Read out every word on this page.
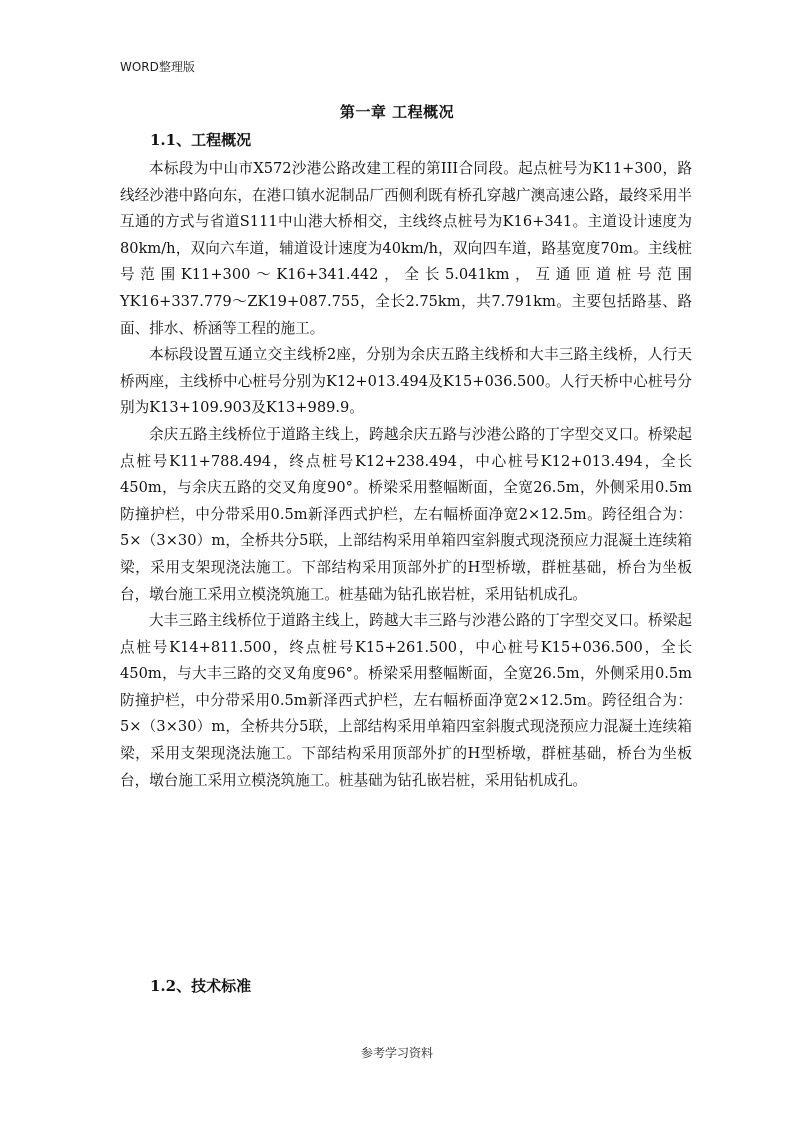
WORD整理版
第一章 工程概况
1.1、工程概况

本标段为中山市X572沙港公路改建工程的第III合同段。起点桩号为K11+300，路线经沙港中路向东，在港口镇水泥制品厂西侧利既有桥孔穿越广澳高速公路，最终采用半互通的方式与省道S111中山港大桥相交，主线终点桩号为K16+341。主道设计速度为80km/h，双向六车道，辅道设计速度为40km/h，双向四车道，路基宽度70m。主线桩号范围K11+300～K16+341.442，全长5.041km，互通匝道桩号范围YK16+337.779～ZK19+087.755，全长2.75km，共7.791km。主要包括路基、路面、排水、桥涵等工程的施工。

本标段设置互通立交主线桥2座，分别为余庆五路主线桥和大丰三路主线桥，人行天桥两座，主线桥中心桩号分别为K12+013.494及K15+036.500。人行天桥中心桩号分别为K13+109.903及K13+989.9。

余庆五路主线桥位于道路主线上，跨越余庆五路与沙港公路的丁字型交叉口。桥梁起点桩号K11+788.494，终点桩号K12+238.494，中心桩号K12+013.494，全长450m，与余庆五路的交叉角度90°。桥梁采用整幅断面，全宽26.5m，外侧采用0.5m防撞护栏，中分带采用0.5m新泽西式护栏，左右幅桥面净宽2×12.5m。跨径组合为：5×（3×30）m，全桥共分5联，上部结构采用单箱四室斜腹式现浇预应力混凝土连续箱梁，采用支架现浇法施工。下部结构采用顶部外扩的H型桥墩，群桩基础，桥台为坐板台，墩台施工采用立模浇筑施工。桩基础为钻孔嵌岩桩，采用钻机成孔。

大丰三路主线桥位于道路主线上，跨越大丰三路与沙港公路的丁字型交叉口。桥梁起点桩号K14+811.500，终点桩号K15+261.500，中心桩号K15+036.500，全长450m，与大丰三路的交叉角度96°。桥梁采用整幅断面，全宽26.5m，外侧采用0.5m防撞护栏，中分带采用0.5m新泽西式护栏，左右幅桥面净宽2×12.5m。跨径组合为：5×（3×30）m，全桥共分5联，上部结构采用单箱四室斜腹式现浇预应力混凝土连续箱梁，采用支架现浇法施工。下部结构采用顶部外扩的H型桥墩，群桩基础，桥台为坐板台，墩台施工采用立模浇筑施工。桩基础为钻孔嵌岩桩，采用钻机成孔。

1.2、技术标准
参考学习资料
